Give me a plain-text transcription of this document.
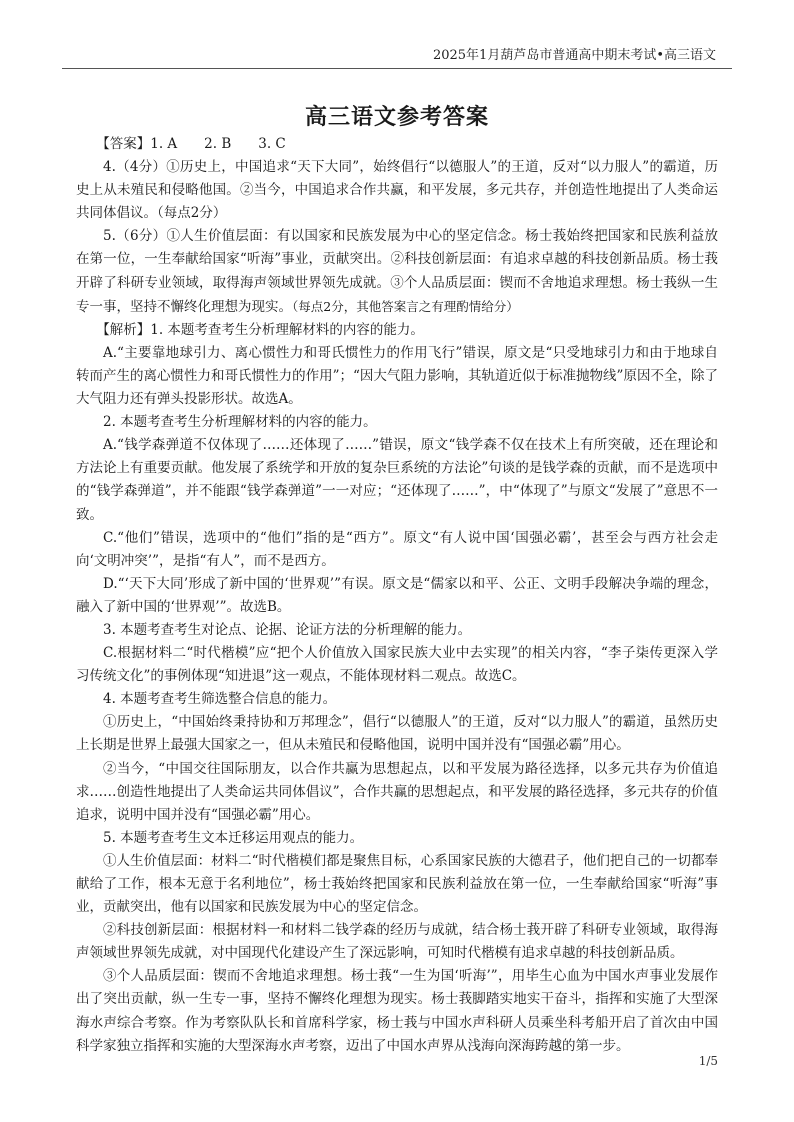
2025年1月葫芦岛市普通高中期末考试•高三语文
高三语文参考答案

【答案】1. A　　2. B　　3. C

4.（4分）①历史上，中国追求“天下大同”，始终倡行“以德服人”的王道，反对“以力服人”的霸道，历史上从未殖民和侵略他国。②当今，中国追求合作共赢，和平发展，多元共存，并创造性地提出了人类命运共同体倡议。（每点2分）

5.（6分）①人生价值层面：有以国家和民族发展为中心的坚定信念。杨士莪始终把国家和民族利益放在第一位，一生奉献给国家“听海”事业，贡献突出。②科技创新层面：有追求卓越的科技创新品质。杨士莪开辟了科研专业领域，取得海声领域世界领先成就。③个人品质层面：锲而不舍地追求理想。杨士莪纵一生专一事，坚持不懈终化理想为现实。（每点2分，其他答案言之有理酌情给分）

【解析】1. 本题考查考生分析理解材料的内容的能力。

A.“主要靠地球引力、离心惯性力和哥氏惯性力的作用飞行”错误，原文是“只受地球引力和由于地球自转而产生的离心惯性力和哥氏惯性力的作用”；“因大气阻力影响，其轨道近似于标准抛物线”原因不全，除了大气阻力还有弹头投影形状。故选A。

2. 本题考查考生分析理解材料的内容的能力。

A.“钱学森弹道不仅体现了……还体现了……”错误，原文“钱学森不仅在技术上有所突破，还在理论和方法论上有重要贡献。他发展了系统学和开放的复杂巨系统的方法论”句谈的是钱学森的贡献，而不是选项中的“钱学森弹道”，并不能跟“钱学森弹道”一一对应；“还体现了……”，中“体现了”与原文“发展了”意思不一致。

C.“他们”错误，选项中的“他们”指的是“西方”。原文“有人说中国‘国强必霸’，甚至会与西方社会走向‘文明冲突’”，是指“有人”，而不是西方。

D.“‘天下大同’形成了新中国的‘世界观’”有误。原文是“儒家以和平、公正、文明手段解决争端的理念，融入了新中国的‘世界观’”。故选B。

3. 本题考查考生对论点、论据、论证方法的分析理解的能力。

C.根据材料二“时代楷模”应“把个人价值放入国家民族大业中去实现”的相关内容，“李子柒传更深入学习传统文化”的事例体现“知进退”这一观点，不能体现材料二观点。故选C。

4. 本题考查考生筛选整合信息的能力。

①历史上，“中国始终秉持协和万邦理念”，倡行“以德服人”的王道，反对“以力服人”的霸道，虽然历史上长期是世界上最强大国家之一，但从未殖民和侵略他国，说明中国并没有“国强必霸”用心。

②当今，“中国交往国际朋友，以合作共赢为思想起点，以和平发展为路径选择，以多元共存为价值追求……创造性地提出了人类命运共同体倡议”，合作共赢的思想起点，和平发展的路径选择，多元共存的价值追求，说明中国并没有“国强必霸”用心。

5. 本题考查考生文本迁移运用观点的能力。

①人生价值层面：材料二“时代楷模们都是聚焦目标，心系国家民族的大德君子，他们把自己的一切都奉献给了工作，根本无意于名利地位”，杨士莪始终把国家和民族利益放在第一位，一生奉献给国家“听海”事业，贡献突出，他有以国家和民族发展为中心的坚定信念。

②科技创新层面：根据材料一和材料二钱学森的经历与成就，结合杨士莪开辟了科研专业领域，取得海声领域世界领先成就，对中国现代化建设产生了深远影响，可知时代楷模有追求卓越的科技创新品质。

③个人品质层面：锲而不舍地追求理想。杨士莪“一生为国‘听海’”，用毕生心血为中国水声事业发展作出了突出贡献，纵一生专一事，坚持不懈终化理想为现实。杨士莪脚踏实地实干奋斗，指挥和实施了大型深海水声综合考察。作为考察队队长和首席科学家，杨士莪与中国水声科研人员乘坐科考船开启了首次由中国科学家独立指挥和实施的大型深海水声考察，迈出了中国水声界从浅海向深海跨越的第一步。

1/5
